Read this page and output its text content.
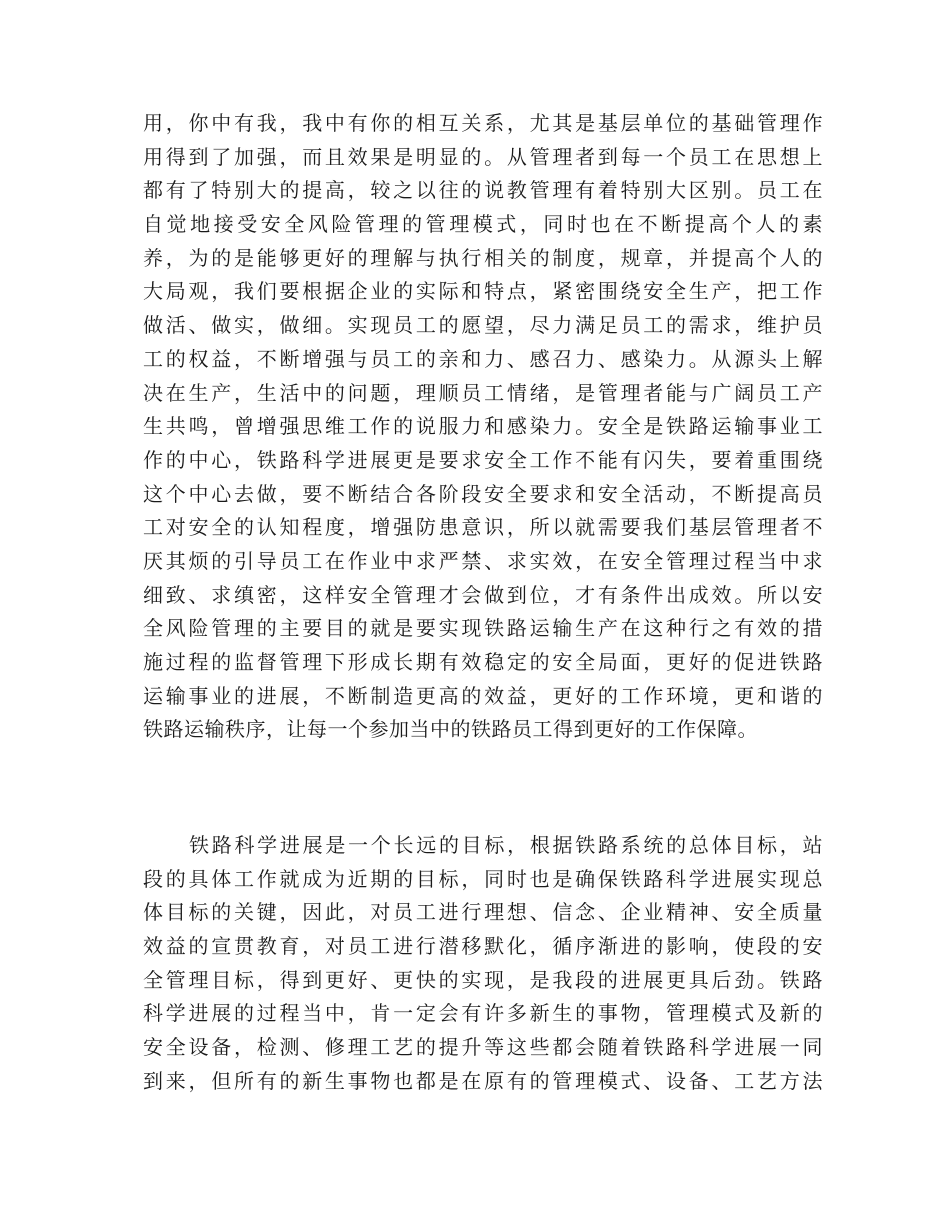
用，你中有我，我中有你的相互关系，尤其是基层单位的基础管理作
用得到了加强，而且效果是明显的。从管理者到每一个员工在思想上
都有了特别大的提高，较之以往的说教管理有着特别大区别。员工在
自觉地接受安全风险管理的管理模式，同时也在不断提高个人的素
养，为的是能够更好的理解与执行相关的制度，规章，并提高个人的
大局观，我们要根据企业的实际和特点，紧密围绕安全生产，把工作
做活、做实，做细。实现员工的愿望，尽力满足员工的需求，维护员
工的权益，不断增强与员工的亲和力、感召力、感染力。从源头上解
决在生产，生活中的问题，理顺员工情绪，是管理者能与广阔员工产
生共鸣，曾增强思维工作的说服力和感染力。安全是铁路运输事业工
作的中心，铁路科学进展更是要求安全工作不能有闪失，要着重围绕
这个中心去做，要不断结合各阶段安全要求和安全活动，不断提高员
工对安全的认知程度，增强防患意识，所以就需要我们基层管理者不
厌其烦的引导员工在作业中求严禁、求实效，在安全管理过程当中求
细致、求缜密，这样安全管理才会做到位，才有条件出成效。所以安
全风险管理的主要目的就是要实现铁路运输生产在这种行之有效的措
施过程的监督管理下形成长期有效稳定的安全局面，更好的促进铁路
运输事业的进展，不断制造更高的效益，更好的工作环境，更和谐的
铁路运输秩序，让每一个参加当中的铁路员工得到更好的工作保障。
铁路科学进展是一个长远的目标，根据铁路系统的总体目标，站
段的具体工作就成为近期的目标，同时也是确保铁路科学进展实现总
体目标的关键，因此，对员工进行理想、信念、企业精神、安全质量
效益的宣贯教育，对员工进行潜移默化，循序渐进的影响，使段的安
全管理目标，得到更好、更快的实现，是我段的进展更具后劲。铁路
科学进展的过程当中，肯一定会有许多新生的事物，管理模式及新的
安全设备，检测、修理工艺的提升等这些都会随着铁路科学进展一同
到来，但所有的新生事物也都是在原有的管理模式、设备、工艺方法
